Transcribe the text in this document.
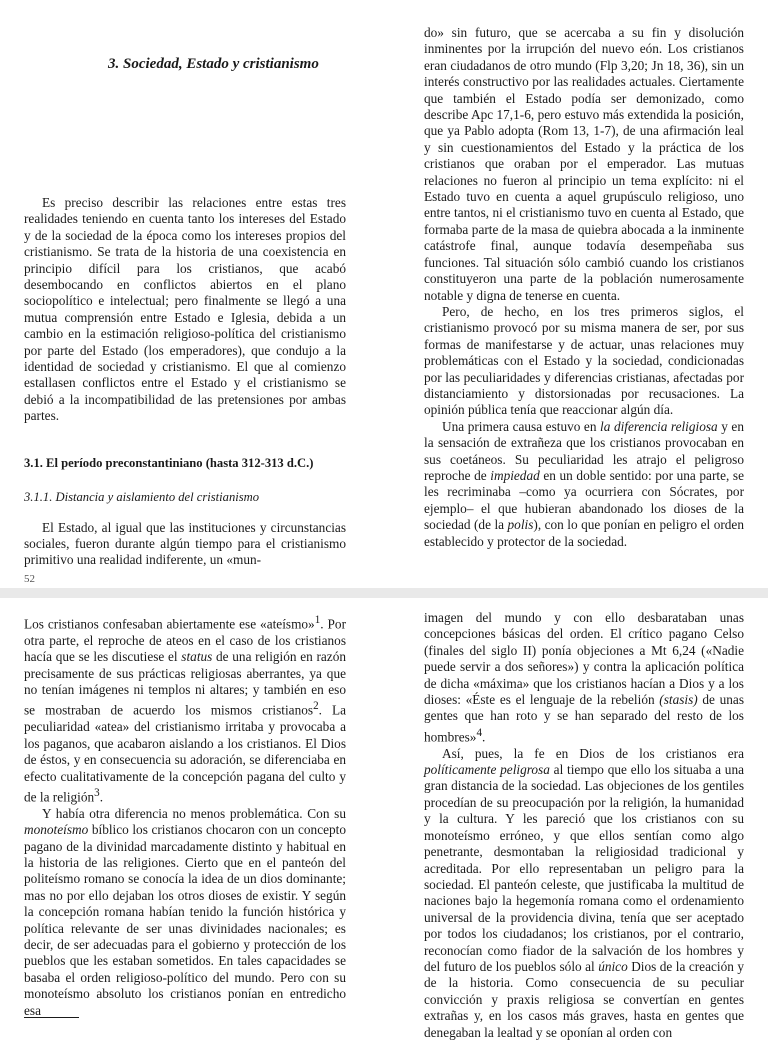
3. Sociedad, Estado y cristianismo

Es preciso describir las relaciones entre estas tres realidades teniendo en cuenta tanto los intereses del Estado y de la sociedad de la época como los intereses propios del cristianismo. Se trata de la historia de una coexistencia en principio difícil para los cristianos, que acabó desembocando en conflictos abiertos en el plano sociopolítico e intelectual; pero finalmente se llegó a una mutua comprensión entre Estado e Iglesia, debida a un cambio en la estimación religioso-política del cristianismo por parte del Estado (los emperadores), que condujo a la identidad de sociedad y cristianismo. El que al comienzo estallasen conflictos entre el Estado y el cristianismo se debió a la incompatibilidad de las pretensiones por ambas partes.

3.1. El período preconstantiniano (hasta 312-313 d.C.)

3.1.1. Distancia y aislamiento del cristianismo

El Estado, al igual que las instituciones y circunstancias sociales, fueron durante algún tiempo para el cristianismo primitivo una realidad indiferente, un «mun-

52

do» sin futuro, que se acercaba a su fin y disolución inminentes por la irrupción del nuevo eón. Los cristianos eran ciudadanos de otro mundo (Flp 3,20; Jn 18, 36), sin un interés constructivo por las realidades actuales. Ciertamente que también el Estado podía ser demonizado, como describe Apc 17,1-6, pero estuvo más extendida la posición, que ya Pablo adopta (Rom 13, 1-7), de una afirmación leal y sin cuestionamientos del Estado y la práctica de los cristianos que oraban por el emperador. Las mutuas relaciones no fueron al principio un tema explícito: ni el Estado tuvo en cuenta a aquel grupúsculo religioso, uno entre tantos, ni el cristianismo tuvo en cuenta al Estado, que formaba parte de la masa de quiebra abocada a la inminente catástrofe final, aunque todavía desempeñaba sus funciones. Tal situación sólo cambió cuando los cristianos constituyeron una parte de la población numerosamente notable y digna de tenerse en cuenta.

Pero, de hecho, en los tres primeros siglos, el cristianismo provocó por su misma manera de ser, por sus formas de manifestarse y de actuar, unas relaciones muy problemáticas con el Estado y la sociedad, condicionadas por las peculiaridades y diferencias cristianas, afectadas por distanciamiento y distorsionadas por recusaciones. La opinión pública tenía que reaccionar algún día.

Una primera causa estuvo en la diferencia religiosa y en la sensación de extrañeza que los cristianos provocaban en sus coetáneos. Su peculiaridad les atrajo el peligroso reproche de impiedad en un doble sentido: por una parte, se les recriminaba –como ya ocurriera con Sócrates, por ejemplo– el que hubieran abandonado los dioses de la sociedad (de la polis), con lo que ponían en peligro el orden establecido y protector de la sociedad.

Los cristianos confesaban abiertamente ese «ateísmo»$^1$. Por otra parte, el reproche de ateos en el caso de los cristianos hacía que se les discutiese el status de una religión en razón precisamente de sus prácticas religiosas aberrantes, ya que no tenían imágenes ni templos ni altares; y también en eso se mostraban de acuerdo los mismos cristianos$^2$. La peculiaridad «atea» del cristianismo irritaba y provocaba a los paganos, que acabaron aislando a los cristianos. El Dios de éstos, y en consecuencia su adoración, se diferenciaba en efecto cualitativamente de la concepción pagana del culto y de la religión$^3$.

Y había otra diferencia no menos problemática. Con su monoteísmo bíblico los cristianos chocaron con un concepto pagano de la divinidad marcadamente distinto y habitual en la historia de las religiones. Cierto que en el panteón del politeísmo romano se conocía la idea de un dios dominante; mas no por ello dejaban los otros dioses de existir. Y según la concepción romana habían tenido la función histórica y política relevante de ser unas divinidades nacionales; es decir, de ser adecuadas para el gobierno y protección de los pueblos que les estaban sometidos. En tales capacidades se basaba el orden religioso-político del mundo. Pero con su monoteísmo absoluto los cristianos ponían en entredicho esa

imagen del mundo y con ello desbarataban unas concepciones básicas del orden. El crítico pagano Celso (finales del siglo II) ponía objeciones a Mt 6,24 («Nadie puede servir a dos señores») y contra la aplicación política de dicha «máxima» que los cristianos hacían a Dios y a los dioses: «Éste es el lenguaje de la rebelión (stasis) de unas gentes que han roto y se han separado del resto de los hombres»$^4$.

Así, pues, la fe en Dios de los cristianos era políticamente peligrosa al tiempo que ello los situaba a una gran distancia de la sociedad. Las objeciones de los gentiles procedían de su preocupación por la religión, la humanidad y la cultura. Y les pareció que los cristianos con su monoteísmo erróneo, y que ellos sentían como algo penetrante, desmontaban la religiosidad tradicional y acreditada. Por ello representaban un peligro para la sociedad. El panteón celeste, que justificaba la multitud de naciones bajo la hegemonía romana como el ordenamiento universal de la providencia divina, tenía que ser aceptado por todos los ciudadanos; los cristianos, por el contrario, reconocían como fiador de la salvación de los hombres y del futuro de los pueblos sólo al único Dios de la creación y de la historia. Como consecuencia de su peculiar convicción y praxis religiosa se convertían en gentes extrañas y, en los casos más graves, hasta en gentes que denegaban la lealtad y se oponían al orden con
